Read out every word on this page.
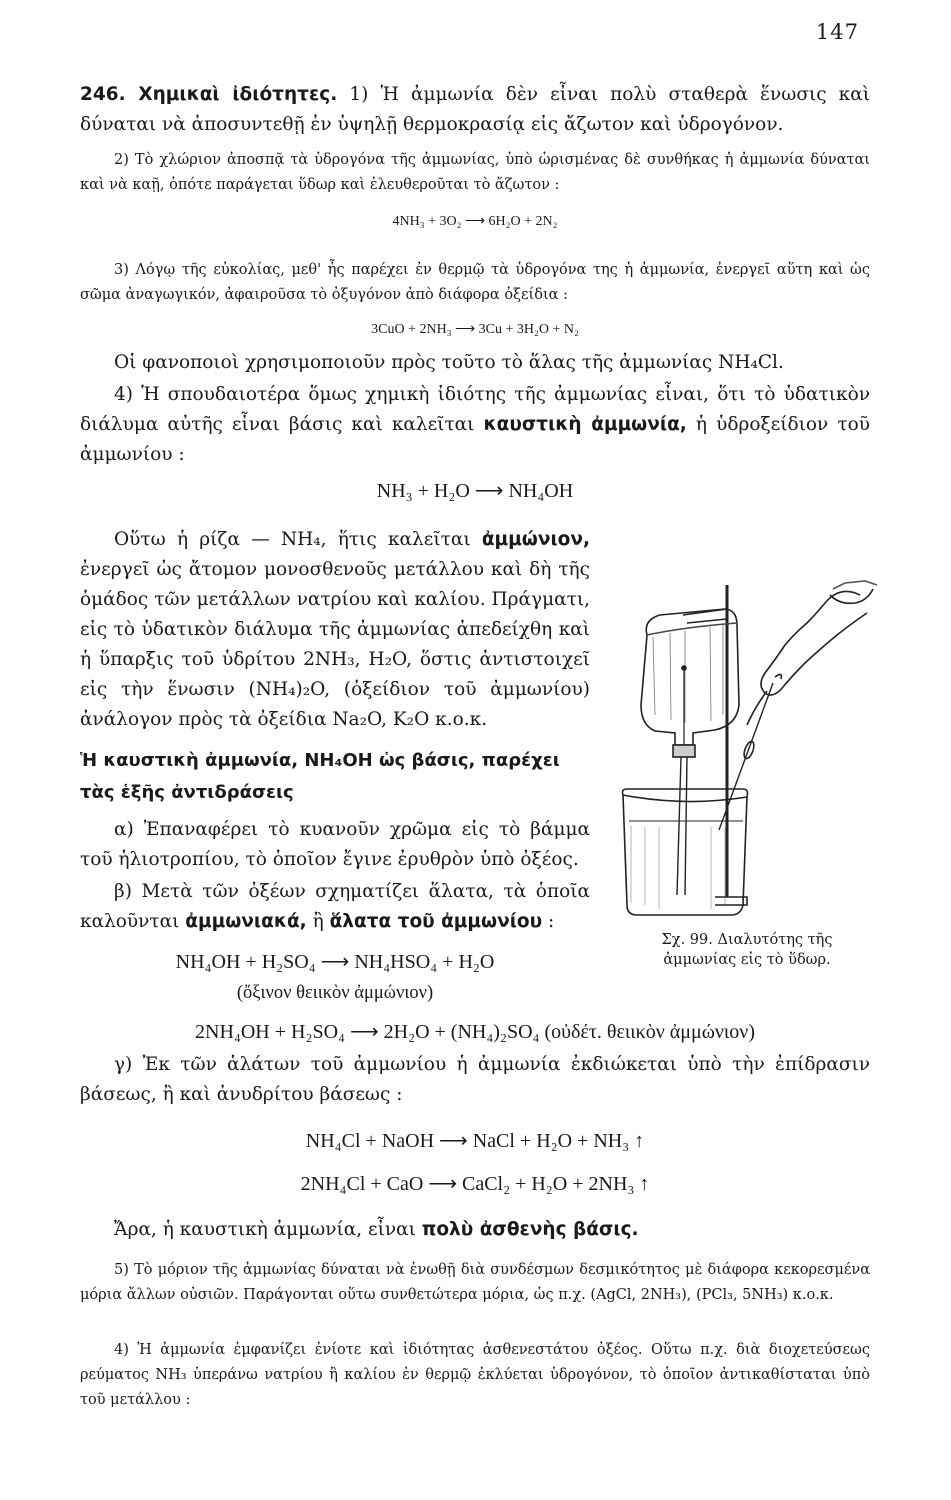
147

246. Χημικαὶ ἰδιότητες. 1) Ἡ ἀμμωνία δὲν εἶναι πολὺ σταθερὰ ἕνωσις καὶ δύναται νὰ ἀποσυντεθῇ ἐν ὑψηλῇ θερμοκρασίᾳ εἰς ἄζωτον καὶ ὑδρογόνον.

2) Τὸ χλώριον ἀποσπᾷ τὰ ὑδρογόνα τῆς ἀμμωνίας, ὑπὸ ὡρισμένας δὲ συνθήκας ἡ ἀμμωνία δύναται καὶ νὰ καῇ, ὁπότε παράγεται ὕδωρ καὶ ἐλευθεροῦται τὸ ἄζωτον :

4NH₃ + 3O₂ ⟶ 6H₂O + 2N₂

3) Λόγῳ τῆς εὐκολίας, μεθ' ἧς παρέχει ἐν θερμῷ τὰ ὑδρογόνα της ἡ ἀμμωνία, ἐνεργεῖ αὕτη καὶ ὡς σῶμα ἀναγωγικόν, ἀφαιροῦσα τὸ ὀξυγόνον ἀπὸ διάφορα ὀξείδια :

3CuO + 2NH₃ ⟶ 3Cu + 3H₂O + N₂

Οἱ φανοποιοὶ χρησιμοποιοῦν πρὸς τοῦτο τὸ ἅλας τῆς ἀμμωνίας NH₄Cl.

4) Ἡ σπουδαιοτέρα ὅμως χημικὴ ἰδιότης τῆς ἀμμωνίας εἶναι, ὅτι τὸ ὑδατικὸν διάλυμα αὐτῆς εἶναι βάσις καὶ καλεῖται καυστικὴ ἀμμωνία, ἡ ὑδροξείδιον τοῦ ἀμμωνίου :

NH₃ + H₂O ⟶ NH₄OH

Οὕτω ἡ ρίζα — NH₄, ἥτις καλεῖται ἀμμώνιον, ἐνεργεῖ ὡς ἄτομον μονοσθενοῦς μετάλλου καὶ δὴ τῆς ὁμάδος τῶν μετάλλων νατρίου καὶ καλίου. Πράγματι, εἰς τὸ ὑδατικὸν διάλυμα τῆς ἀμμωνίας ἀπεδείχθη καὶ ἡ ὕπαρξις τοῦ ὑδρίτου 2NH₃, H₂O, ὅστις ἀντιστοιχεῖ εἰς τὴν ἕνωσιν (NH₄)₂O, (ὀξείδιον τοῦ ἀμμωνίου) ἀνάλογον πρὸς τὰ ὀξείδια Na₂O, K₂O κ.ο.κ.

Ἡ καυστικὴ ἀμμωνία, NH₄OH ὡς βάσις, παρέχει τὰς ἑξῆς ἀντιδράσεις

α) Ἐπαναφέρει τὸ κυανοῦν χρῶμα εἰς τὸ βάμμα τοῦ ἡλιοτροπίου, τὸ ὁποῖον ἔγινε ἐρυθρὸν ὑπὸ ὀξέος.

β) Μετὰ τῶν ὀξέων σχηματίζει ἅλατα, τὰ ὁποῖα καλοῦνται ἀμμωνιακά, ἢ ἅλατα τοῦ ἀμμωνίου :

NH₄OH + H₂SO₄ ⟶ NH₄HSO₄ + H₂O

(ὄξινον θειικὸν ἀμμώνιον)

2NH₄OH + H₂SO₄ ⟶ 2H₂O + (NH₄)₂SO₄ (οὐδέτ. θειικὸν ἀμμώνιον)

γ) Ἐκ τῶν ἁλάτων τοῦ ἀμμωνίου ἡ ἀμμωνία ἐκδιώκεται ὑπὸ τὴν ἐπίδρασιν βάσεως, ἢ καὶ ἀνυδρίτου βάσεως :

NH₄Cl + NaOH ⟶ NaCl + H₂O + NH₃ ↑

2NH₄Cl + CaO ⟶ CaCl₂ + H₂O + 2NH₃ ↑

Ἄρα, ἡ καυστικὴ ἀμμωνία, εἶναι πολὺ ἀσθενὴς βάσις.

5) Τὸ μόριον τῆς ἀμμωνίας δύναται νὰ ἑνωθῇ διὰ συνδέσμων δεσμικότητος μὲ διάφορα κεκορεσμένα μόρια ἄλλων οὐσιῶν. Παράγονται οὕτω συνθετώτερα μόρια, ὡς π.χ. (AgCl, 2NH₃), (PCl₃, 5NH₃) κ.ο.κ.

4) Ἡ ἀμμωνία ἐμφανίζει ἐνίοτε καὶ ἰδιότητας ἀσθενεστάτου ὀξέος. Οὕτω π.χ. διὰ διοχετεύσεως ρεύματος NH₃ ὑπεράνω νατρίου ἢ καλίου ἐν θερμῷ ἐκλύεται ὑδρογόνον, τὸ ὁποῖον ἀντικαθίσταται ὑπὸ τοῦ μετάλλου :

Σχ. 99. Διαλυτότης τῆς
ἀμμωνίας εἰς τὸ ὕδωρ.
